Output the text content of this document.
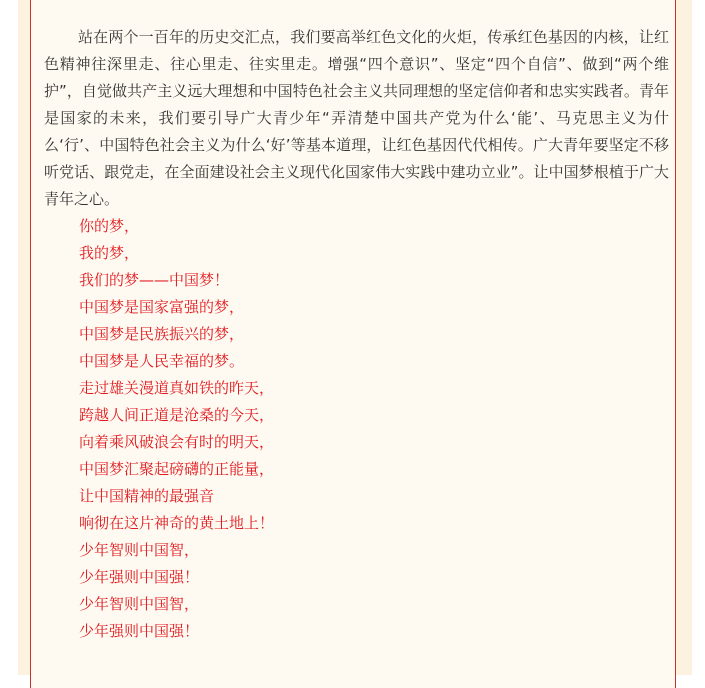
站在两个一百年的历史交汇点，我们要高举红色文化的火炬，传承红色基因的内核，让红色精神往深里走、往心里走、往实里走。增强“四个意识”、坚定“四个自信”、做到“两个维护”，自觉做共产主义远大理想和中国特色社会主义共同理想的坚定信仰者和忠实实践者。青年是国家的未来，我们要引导广大青少年“弄清楚中国共产党为什么‘能’、马克思主义为什么‘行’、中国特色社会主义为什么‘好’等基本道理，让红色基因代代相传。广大青年要坚定不移听党话、跟党走，在全面建设社会主义现代化国家伟大实践中建功立业”。让中国梦根植于广大青年之心。

你的梦，
我的梦，
我们的梦——中国梦！
中国梦是国家富强的梦，
中国梦是民族振兴的梦，
中国梦是人民幸福的梦。
走过雄关漫道真如铁的昨天，
跨越人间正道是沧桑的今天，
向着乘风破浪会有时的明天，
中国梦汇聚起磅礴的正能量，
让中国精神的最强音
响彻在这片神奇的黄土地上！
少年智则中国智，
少年强则中国强！
少年智则中国智，
少年强则中国强！
